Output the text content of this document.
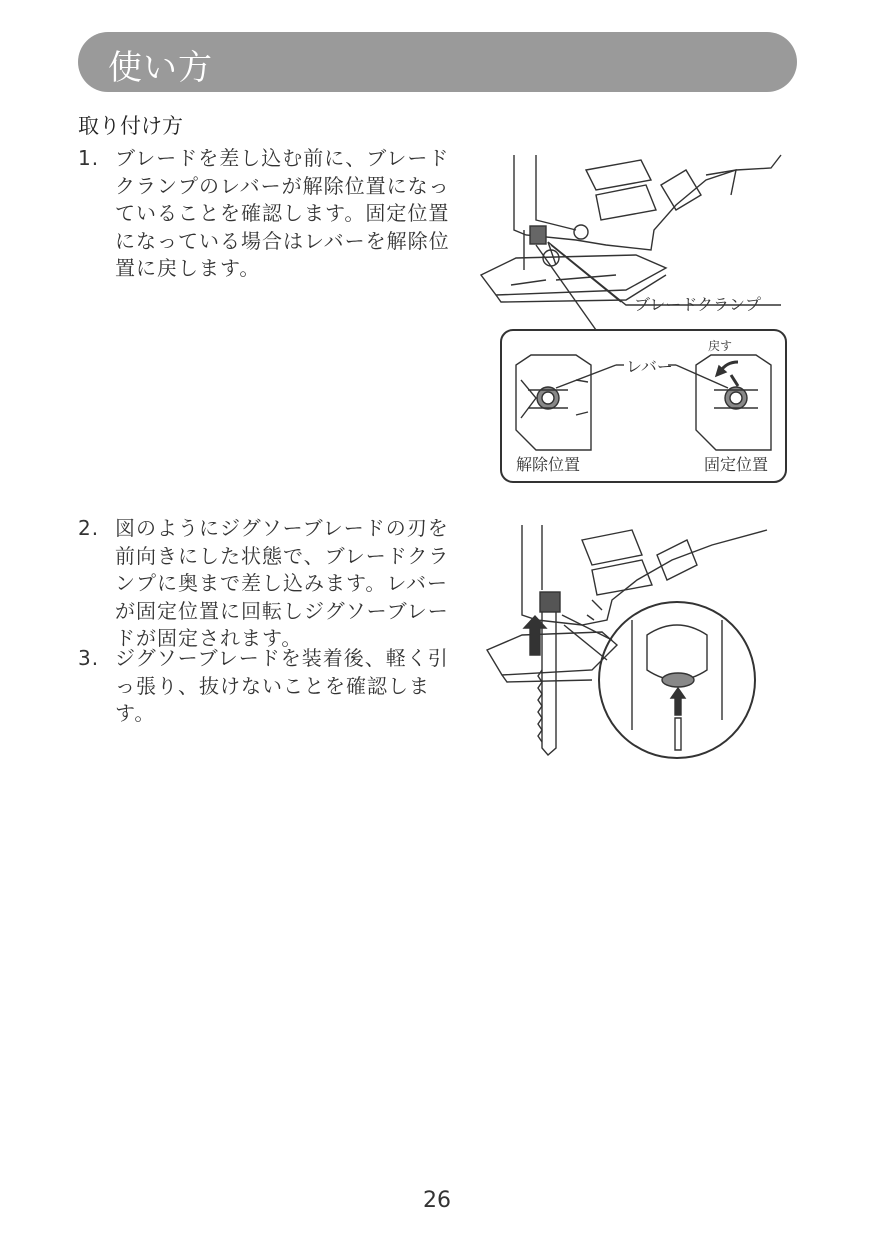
使い方
取り付け方
1. ブレードを差し込む前に、ブレードクランプのレバーが解除位置になっていることを確認します。固定位置になっている場合はレバーを解除位置に戻します。
2. 図のようにジグソーブレードの刃を前向きにした状態で、ブレードクランプに奥まで差し込みます。レバーが固定位置に回転しジグソーブレードが固定されます。
3. ジグソーブレードを装着後、軽く引っ張り、抜けないことを確認します。
ブレードクランプ
レバー
戻す
解除位置	固定位置
26
